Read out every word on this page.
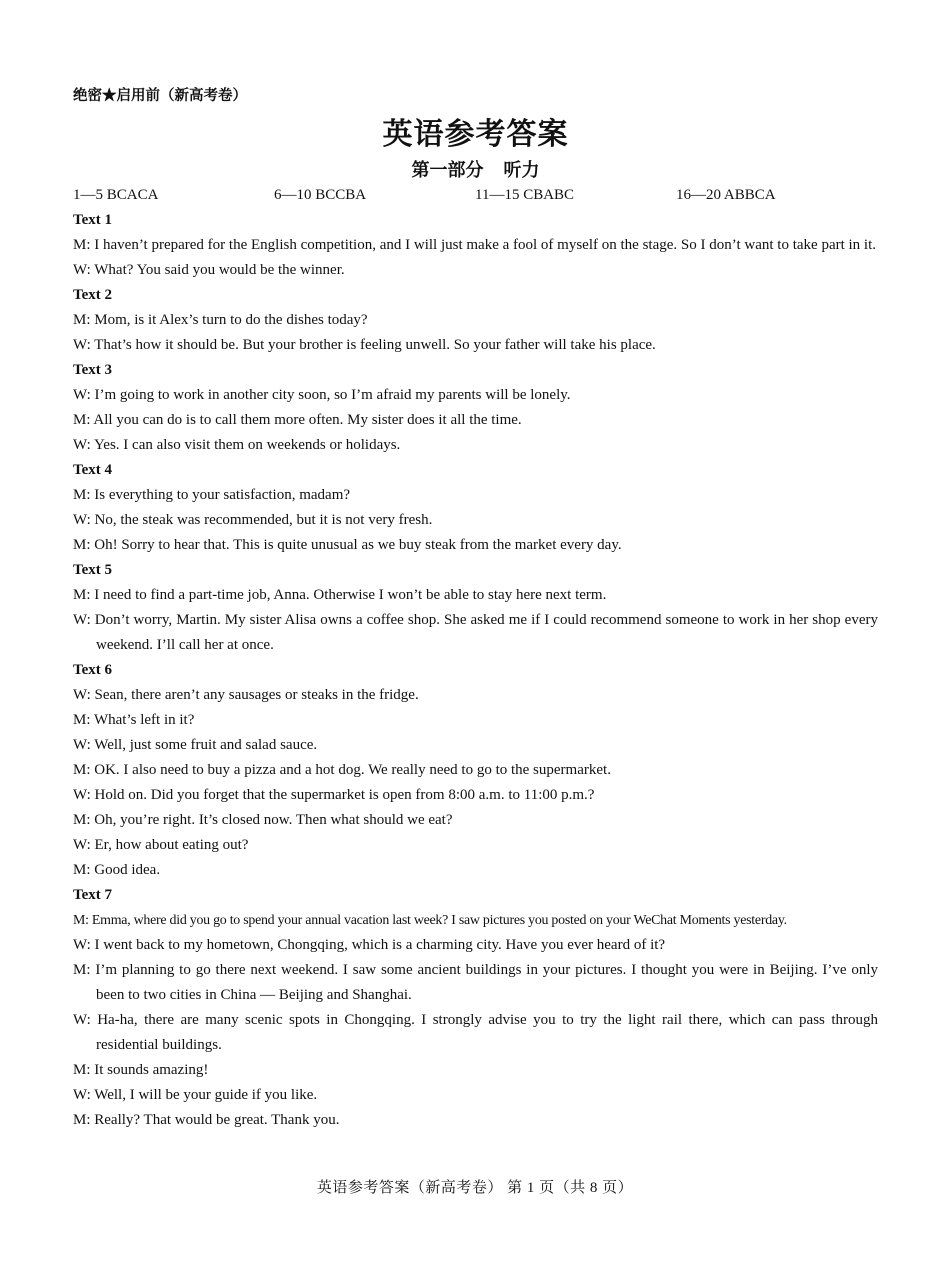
绝密★启用前（新高考卷）
英语参考答案
第一部分 听力
1—5 BCACA	6—10 BCCBA	11—15 CBABC	16—20 ABBCA
Text 1
M: I haven’t prepared for the English competition, and I will just make a fool of myself on the stage. So I don’t want to take part in it.
W: What? You said you would be the winner.
Text 2
M: Mom, is it Alex’s turn to do the dishes today?
W: That’s how it should be. But your brother is feeling unwell. So your father will take his place.
Text 3
W: I’m going to work in another city soon, so I’m afraid my parents will be lonely.
M: All you can do is to call them more often. My sister does it all the time.
W: Yes. I can also visit them on weekends or holidays.
Text 4
M: Is everything to your satisfaction, madam?
W: No, the steak was recommended, but it is not very fresh.
M: Oh! Sorry to hear that. This is quite unusual as we buy steak from the market every day.
Text 5
M: I need to find a part-time job, Anna. Otherwise I won’t be able to stay here next term.
W: Don’t worry, Martin. My sister Alisa owns a coffee shop. She asked me if I could recommend someone to work in her shop every weekend. I’ll call her at once.
Text 6
W: Sean, there aren’t any sausages or steaks in the fridge.
M: What’s left in it?
W: Well, just some fruit and salad sauce.
M: OK. I also need to buy a pizza and a hot dog. We really need to go to the supermarket.
W: Hold on. Did you forget that the supermarket is open from 8:00 a.m. to 11:00 p.m.?
M: Oh, you’re right. It’s closed now. Then what should we eat?
W: Er, how about eating out?
M: Good idea.
Text 7
M: Emma, where did you go to spend your annual vacation last week? I saw pictures you posted on your WeChat Moments yesterday.
W: I went back to my hometown, Chongqing, which is a charming city. Have you ever heard of it?
M: I’m planning to go there next weekend. I saw some ancient buildings in your pictures. I thought you were in Beijing. I’ve only been to two cities in China — Beijing and Shanghai.
W: Ha-ha, there are many scenic spots in Chongqing. I strongly advise you to try the light rail there, which can pass through residential buildings.
M: It sounds amazing!
W: Well, I will be your guide if you like.
M: Really? That would be great. Thank you.
英语参考答案（新高考卷） 第 1 页（共 8 页）
